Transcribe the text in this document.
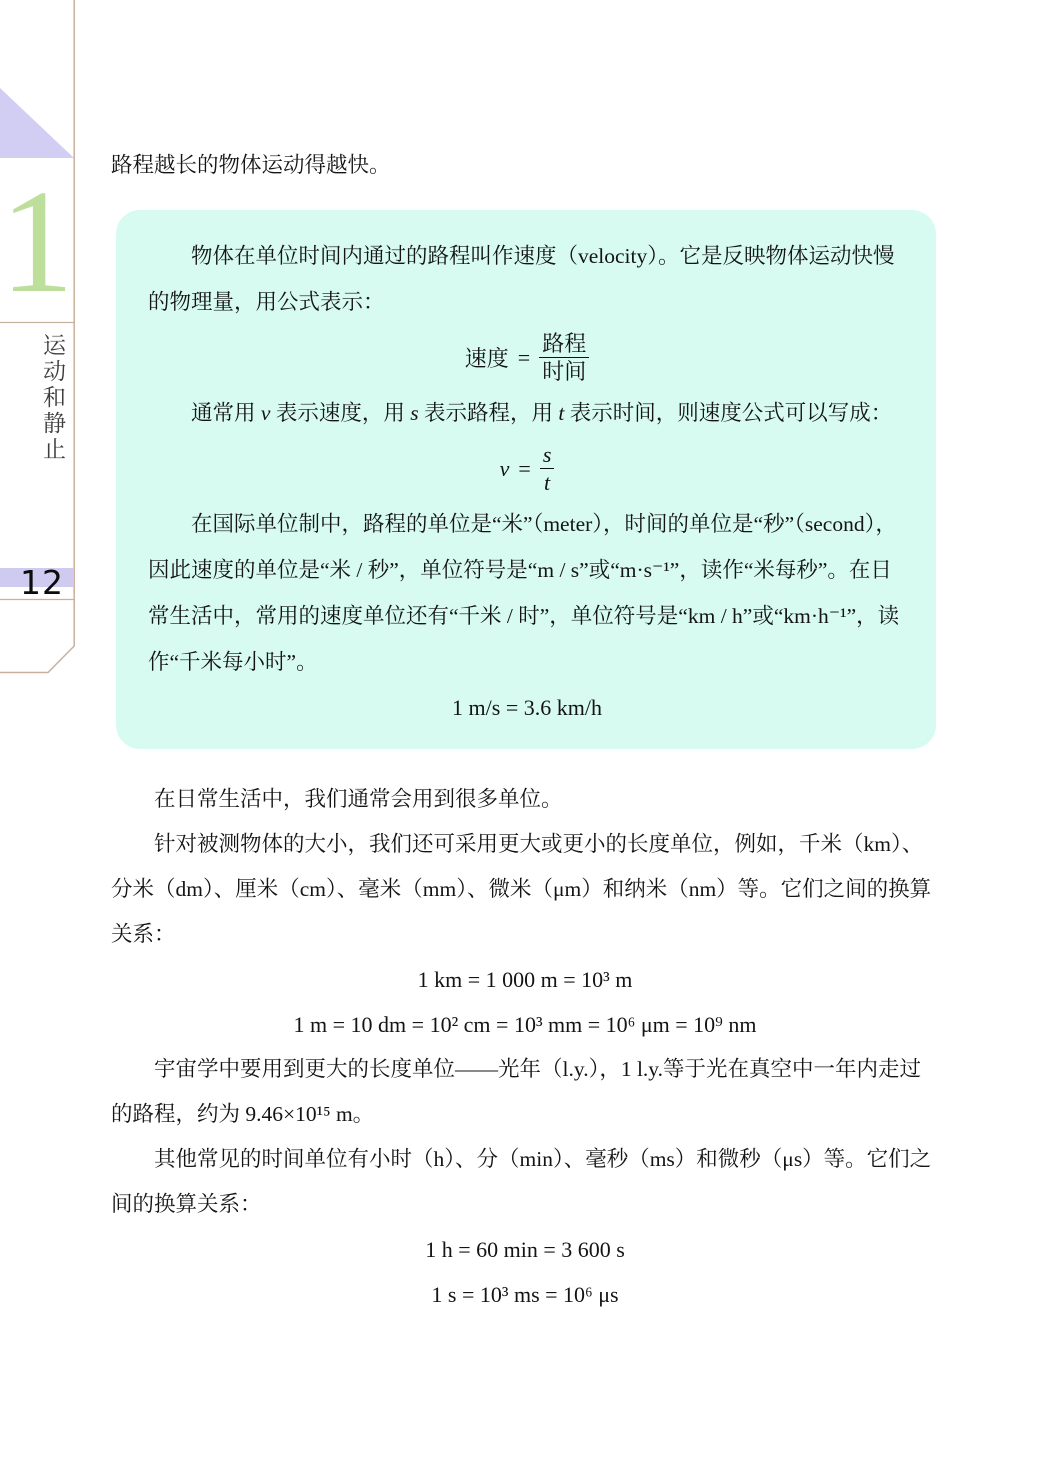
1
运动和静止
12

路程越长的物体运动得越快。

物体在单位时间内通过的路程叫作速度（velocity）。它是反映物体运动快慢的物理量，用公式表示：

速度 = $\frac{\text{路程}}{\text{时间}}$

通常用 v 表示速度，用 s 表示路程，用 t 表示时间，则速度公式可以写成：

$v = \frac{s}{t}$

在国际单位制中，路程的单位是“米”（meter），时间的单位是“秒”（second），因此速度的单位是“米 / 秒”，单位符号是“m / s”或“m·s⁻¹”，读作“米每秒”。在日常生活中，常用的速度单位还有“千米 / 时”，单位符号是“km / h”或“km·h⁻¹”，读作“千米每小时”。

1 m/s = 3.6 km/h

在日常生活中，我们通常会用到很多单位。

针对被测物体的大小，我们还可采用更大或更小的长度单位，例如，千米（km）、分米（dm）、厘米（cm）、毫米（mm）、微米（μm）和纳米（nm）等。它们之间的换算关系：

1 km = 1 000 m = 10³ m
1 m = 10 dm = 10² cm = 10³ mm = 10⁶ μm = 10⁹ nm

宇宙学中要用到更大的长度单位——光年（l.y.），1 l.y.等于光在真空中一年内走过的路程，约为 9.46×10¹⁵ m。

其他常见的时间单位有小时（h）、分（min）、毫秒（ms）和微秒（μs）等。它们之间的换算关系：

1 h = 60 min = 3 600 s
1 s = 10³ ms = 10⁶ μs
